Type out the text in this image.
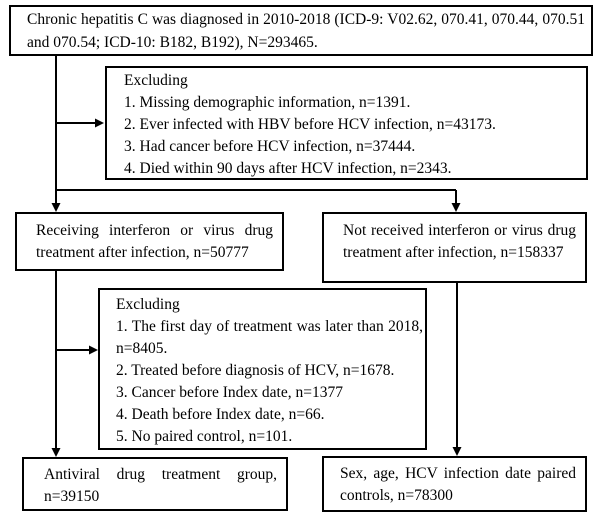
Chronic hepatitis C was diagnosed in 2010-2018 (ICD-9: V02.62, 070.41, 070.44, 070.51 and 070.54; ICD-10: B182, B192), N=293465.
Excluding
1. Missing demographic information, n=1391.
2. Ever infected with HBV before HCV infection, n=43173.
3. Had cancer before HCV infection, n=37444.
4. Died within 90 days after HCV infection, n=2343.
Receiving interferon or virus drug treatment after infection, n=50777
Not received interferon or virus drug treatment after infection, n=158337
Excluding
1. The first day of treatment was later than 2018, n=8405.
2. Treated before diagnosis of HCV, n=1678.
3. Cancer before Index date, n=1377
4. Death before Index date, n=66.
5. No paired control, n=101.
Antiviral drug treatment group, n=39150
Sex, age, HCV infection date paired controls, n=78300
